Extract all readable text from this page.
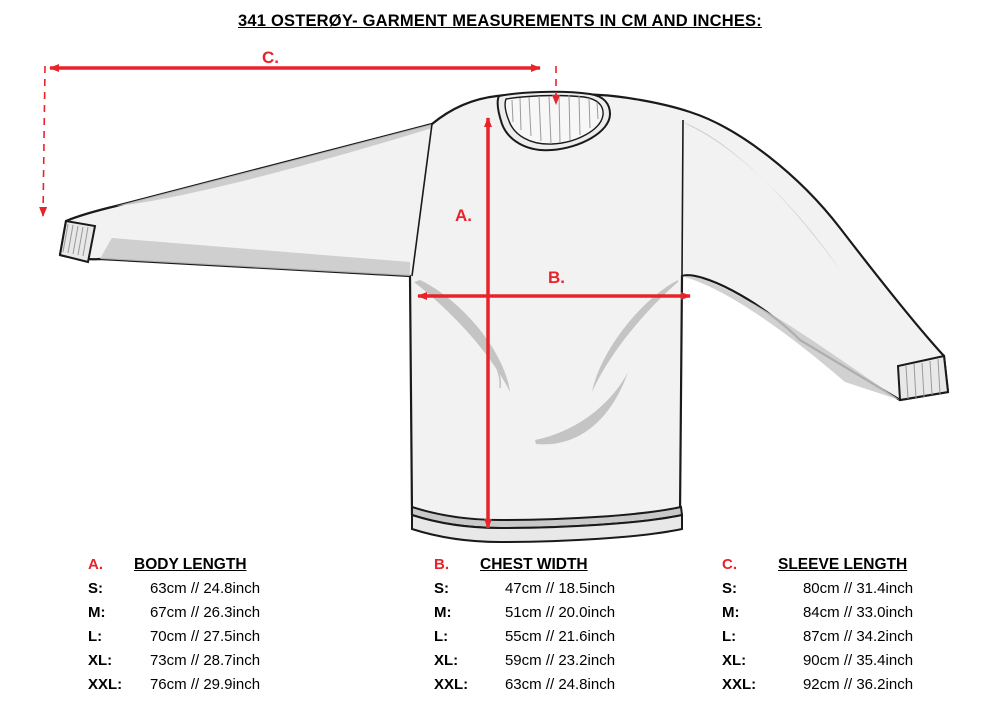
341 OSTERØY- GARMENT MEASUREMENTS IN CM AND INCHES:
C.
A.
B.
A.	BODY LENGTH
S:	63cm // 24.8inch
M:	67cm // 26.3inch
L:	70cm // 27.5inch
XL:	73cm // 28.7inch
XXL:	76cm // 29.9inch
B.	CHEST WIDTH
S:	47cm // 18.5inch
M:	51cm // 20.0inch
L:	55cm // 21.6inch
XL:	59cm // 23.2inch
XXL:	63cm // 24.8inch
C.	SLEEVE LENGTH
S:	80cm // 31.4inch
M:	84cm // 33.0inch
L:	87cm // 34.2inch
XL:	90cm // 35.4inch
XXL:	92cm // 36.2inch
